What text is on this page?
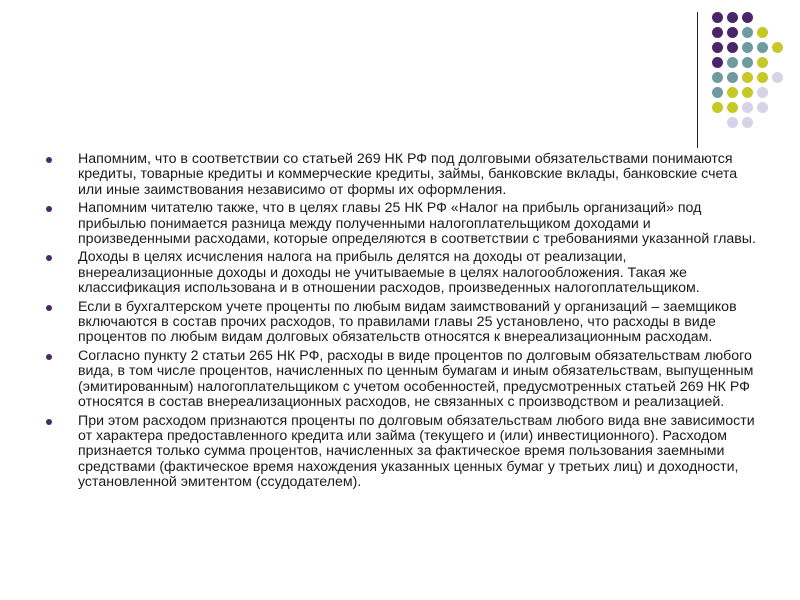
Напомним, что в соответствии со статьей 269 НК РФ под долговыми обязательствами понимаются кредиты, товарные кредиты и коммерческие кредиты, займы, банковские вклады, банковские счета или иные заимствования независимо от формы их оформления.
Напомним читателю также, что в целях главы 25 НК РФ «Налог на прибыль организаций» под прибылью понимается разница между полученными налогоплательщиком доходами и произведенными расходами, которые определяются в соответствии с требованиями указанной главы.
Доходы в целях исчисления налога на прибыль делятся на доходы от реализации, внереализационные доходы и доходы не учитываемые в целях налогообложения. Такая же классификация использована и в отношении расходов, произведенных налогоплательщиком.
Если в бухгалтерском учете проценты по любым видам заимствований у организаций – заемщиков включаются в состав прочих расходов, то правилами главы 25 установлено, что расходы в виде процентов по любым видам долговых обязательств относятся к внереализационным расходам.
Согласно пункту 2 статьи 265 НК РФ, расходы в виде процентов по долговым обязательствам любого вида, в том числе процентов, начисленных по ценным бумагам и иным обязательствам, выпущенным (эмитированным) налогоплательщиком с учетом особенностей, предусмотренных статьей 269 НК РФ относятся в состав внереализационных расходов, не связанных с производством и реализацией.
При этом расходом признаются проценты по долговым обязательствам любого вида вне зависимости от характера предоставленного кредита или займа (текущего и (или) инвестиционного). Расходом признается только сумма процентов, начисленных за фактическое время пользования заемными средствами (фактическое время нахождения указанных ценных бумаг у третьих лиц) и доходности, установленной эмитентом (ссудодателем).
